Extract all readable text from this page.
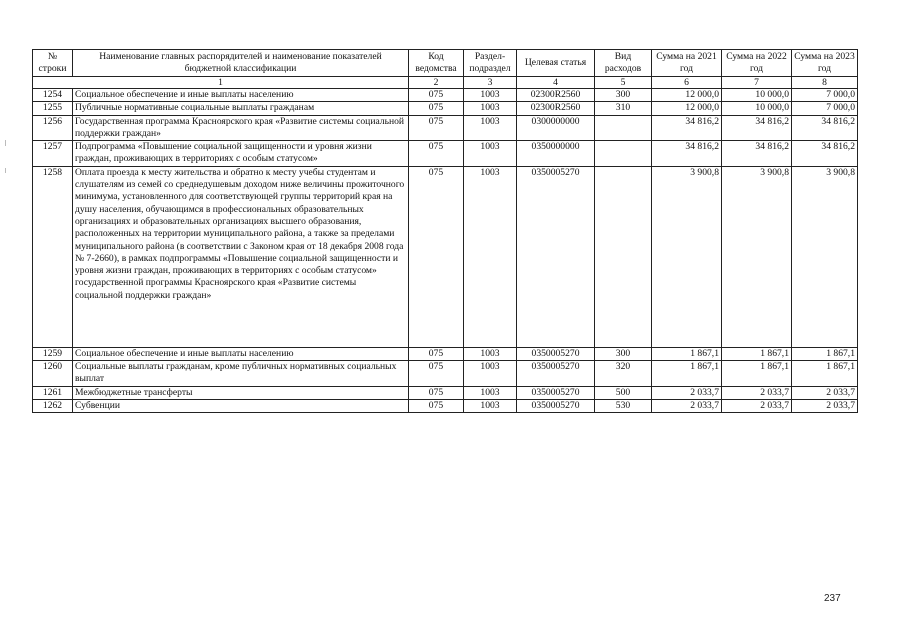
№ строки	Наименование главных распорядителей и наименование показателей бюджетной классификации	Код ведомства	Раздел-подраздел	Целевая статья	Вид расходов	Сумма на 2021 год	Сумма на 2022 год	Сумма на 2023 год
1		2	3	4	5	6	7	8
1254	Социальное обеспечение и иные выплаты населению	075	1003	02300R2560	300	12 000,0	10 000,0	7 000,0
1255	Публичные нормативные социальные выплаты гражданам	075	1003	02300R2560	310	12 000,0	10 000,0	7 000,0
1256	Государственная программа Красноярского края «Развитие системы социальной поддержки граждан»	075	1003	0300000000		34 816,2	34 816,2	34 816,2
1257	Подпрограмма «Повышение социальной защищенности и уровня жизни граждан, проживающих в территориях с особым статусом»	075	1003	0350000000		34 816,2	34 816,2	34 816,2
1258	Оплата проезда к месту жительства и обратно к месту учебы студентам и слушателям из семей со среднедушевым доходом ниже величины прожиточного минимума, установленного для соответствующей группы территорий края на душу населения, обучающимся в профессиональных образовательных организациях и образовательных организациях высшего образования, расположенных на территории муниципального района, а также за пределами муниципального района (в соответствии с Законом края от 18 декабря 2008 года № 7-2660), в рамках подпрограммы «Повышение социальной защищенности и уровня жизни граждан, проживающих в территориях с особым статусом» государственной программы Красноярского края «Развитие системы социальной поддержки граждан»	075	1003	0350005270		3 900,8	3 900,8	3 900,8
1259	Социальное обеспечение и иные выплаты населению	075	1003	0350005270	300	1 867,1	1 867,1	1 867,1
1260	Социальные выплаты гражданам, кроме публичных нормативных социальных выплат	075	1003	0350005270	320	1 867,1	1 867,1	1 867,1
1261	Межбюджетные трансферты	075	1003	0350005270	500	2 033,7	2 033,7	2 033,7
1262	Субвенции	075	1003	0350005270	530	2 033,7	2 033,7	2 033,7
237
